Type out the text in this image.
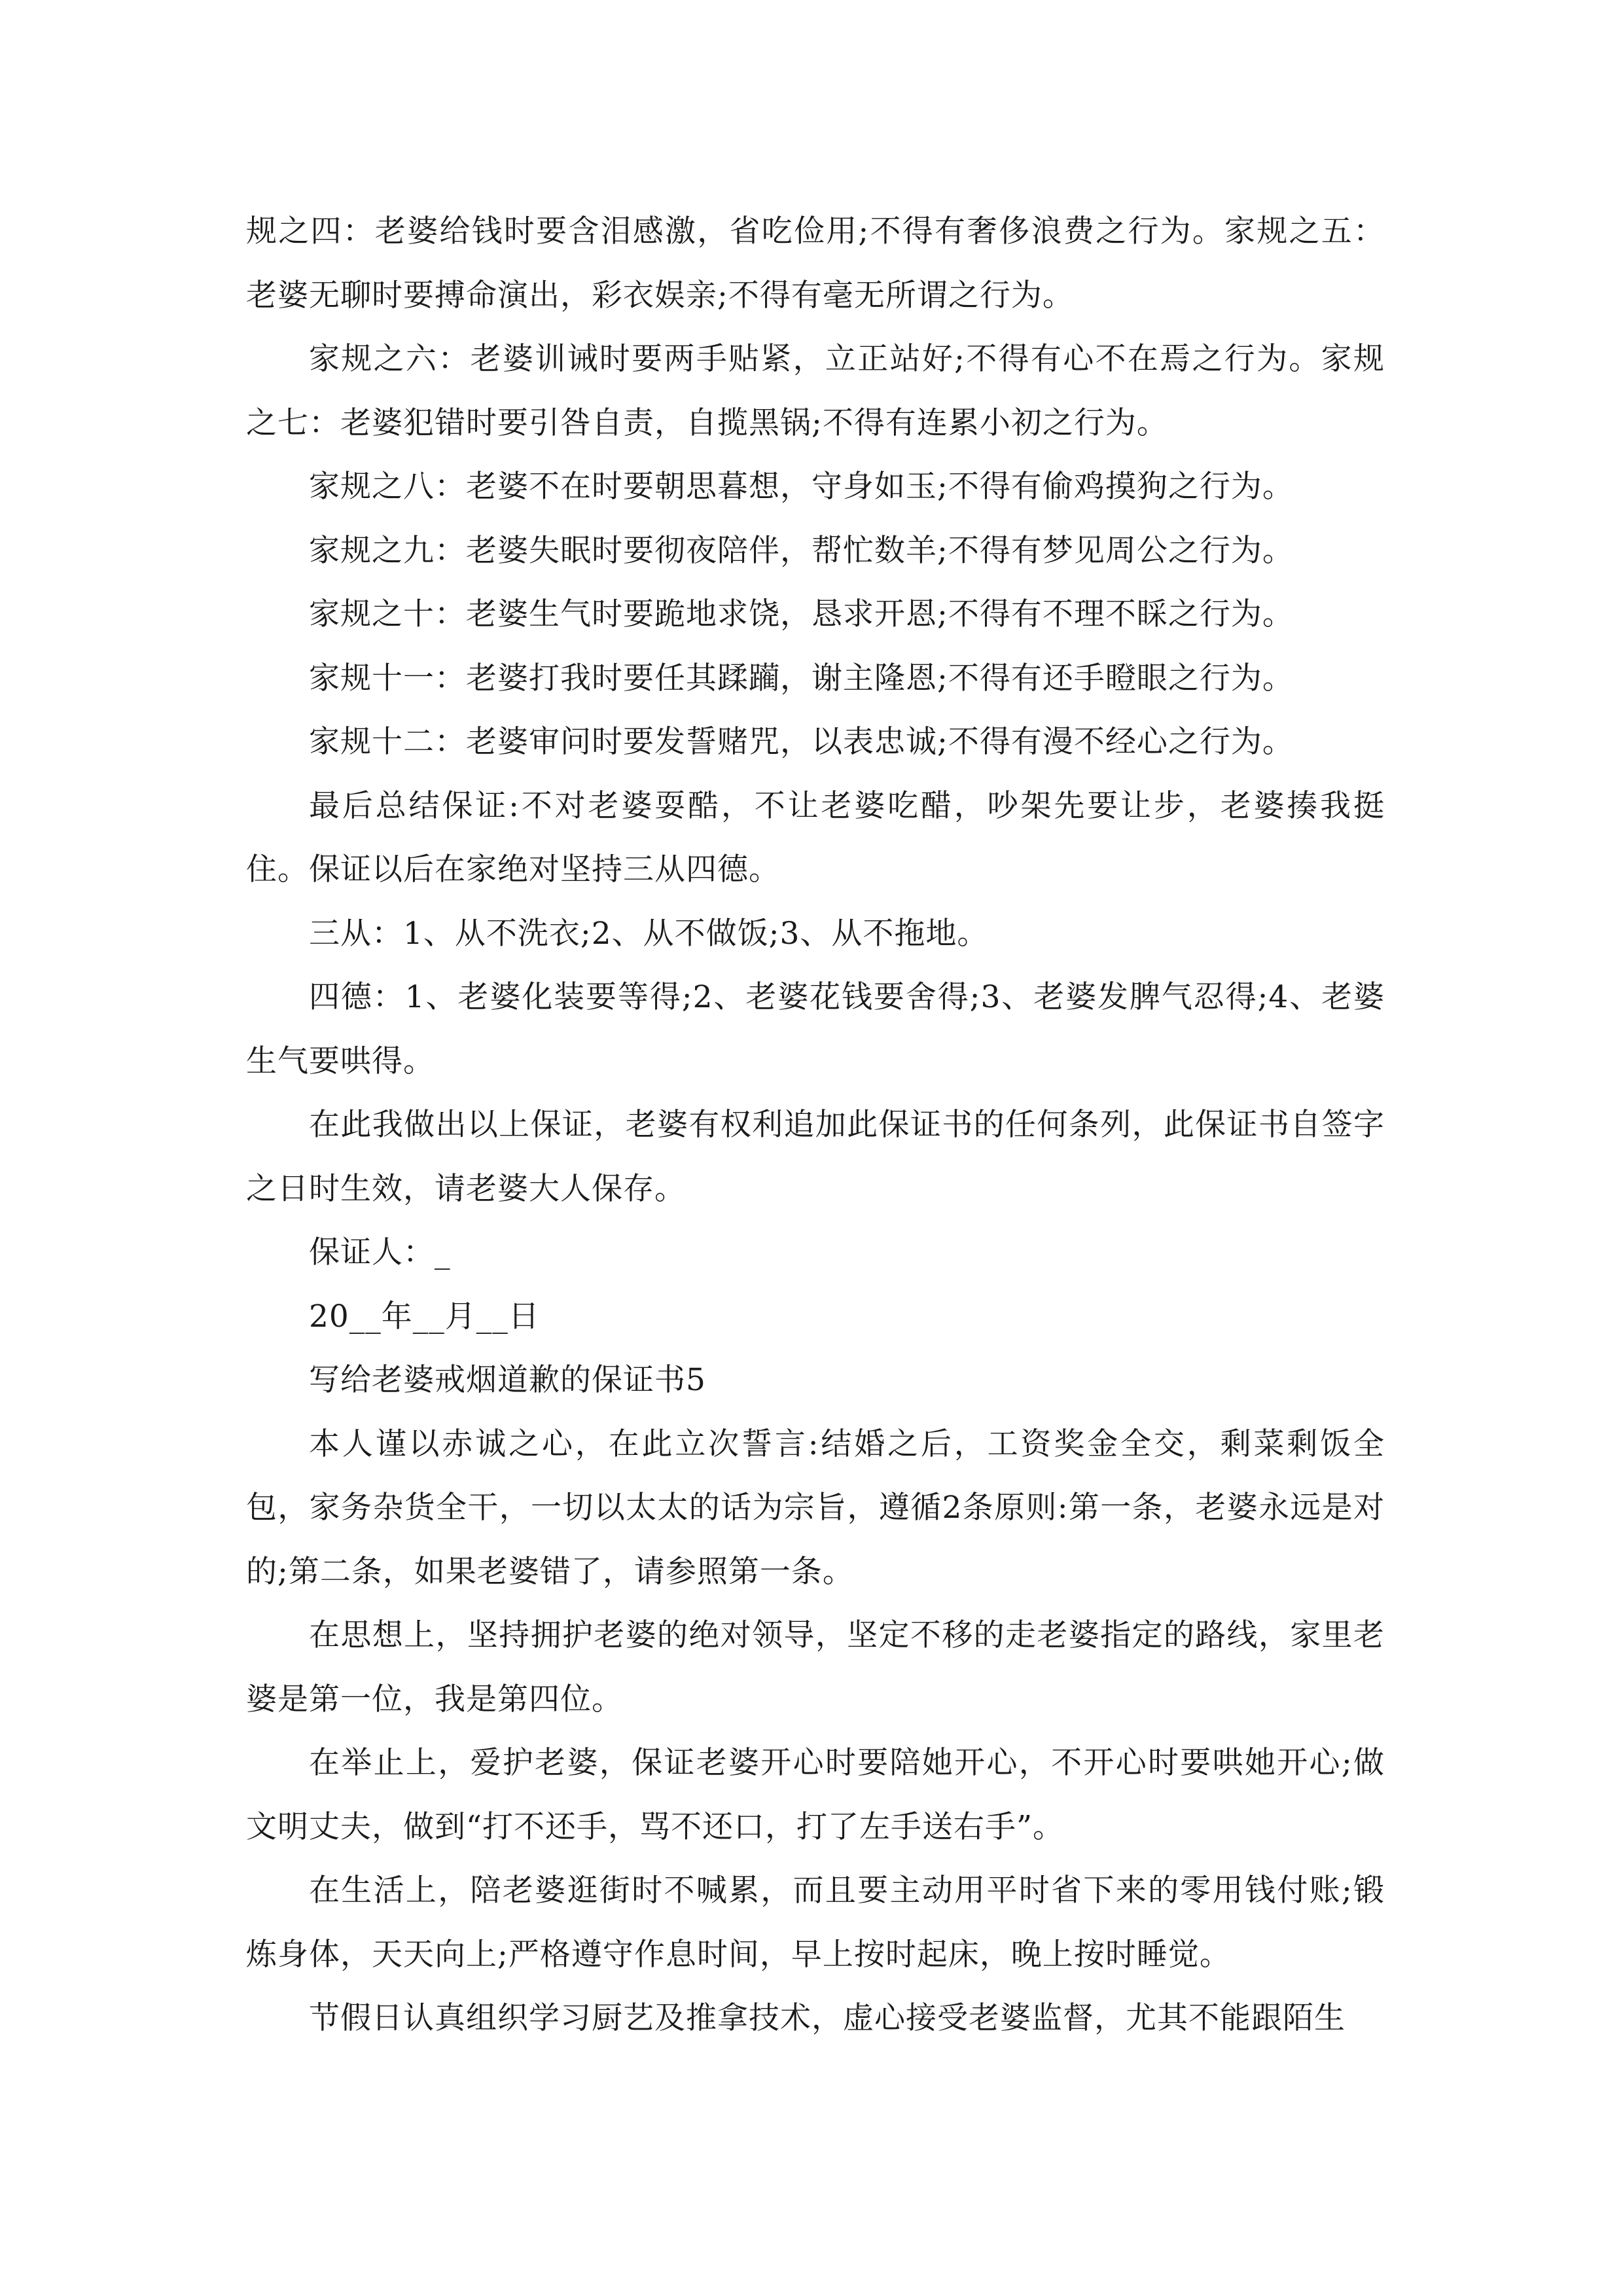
规之四：老婆给钱时要含泪感激，省吃俭用;不得有奢侈浪费之行为。家规之五：老婆无聊时要搏命演出，彩衣娱亲;不得有毫无所谓之行为。

家规之六：老婆训诫时要两手贴紧，立正站好;不得有心不在焉之行为。家规之七：老婆犯错时要引咎自责，自揽黑锅;不得有连累小初之行为。

家规之八：老婆不在时要朝思暮想，守身如玉;不得有偷鸡摸狗之行为。

家规之九：老婆失眠时要彻夜陪伴，帮忙数羊;不得有梦见周公之行为。

家规之十：老婆生气时要跪地求饶，恳求开恩;不得有不理不睬之行为。

家规十一：老婆打我时要任其蹂躏，谢主隆恩;不得有还手瞪眼之行为。

家规十二：老婆审问时要发誓赌咒，以表忠诚;不得有漫不经心之行为。

最后总结保证:不对老婆耍酷，不让老婆吃醋，吵架先要让步，老婆揍我挺住。保证以后在家绝对坚持三从四德。

三从：1、从不洗衣;2、从不做饭;3、从不拖地。

四德：1、老婆化装要等得;2、老婆花钱要舍得;3、老婆发脾气忍得;4、老婆生气要哄得。

在此我做出以上保证，老婆有权利追加此保证书的任何条列，此保证书自签字之日时生效，请老婆大人保存。

保证人：_

20__年__月__日

写给老婆戒烟道歉的保证书5

本人谨以赤诚之心，在此立次誓言:结婚之后，工资奖金全交，剩菜剩饭全包，家务杂货全干，一切以太太的话为宗旨，遵循2条原则:第一条，老婆永远是对的;第二条，如果老婆错了，请参照第一条。

在思想上，坚持拥护老婆的绝对领导，坚定不移的走老婆指定的路线，家里老婆是第一位，我是第四位。

在举止上，爱护老婆，保证老婆开心时要陪她开心，不开心时要哄她开心;做文明丈夫，做到“打不还手，骂不还口，打了左手送右手”。

在生活上，陪老婆逛街时不喊累，而且要主动用平时省下来的零用钱付账;锻炼身体，天天向上;严格遵守作息时间，早上按时起床，晚上按时睡觉。

节假日认真组织学习厨艺及推拿技术，虚心接受老婆监督，尤其不能跟陌生
